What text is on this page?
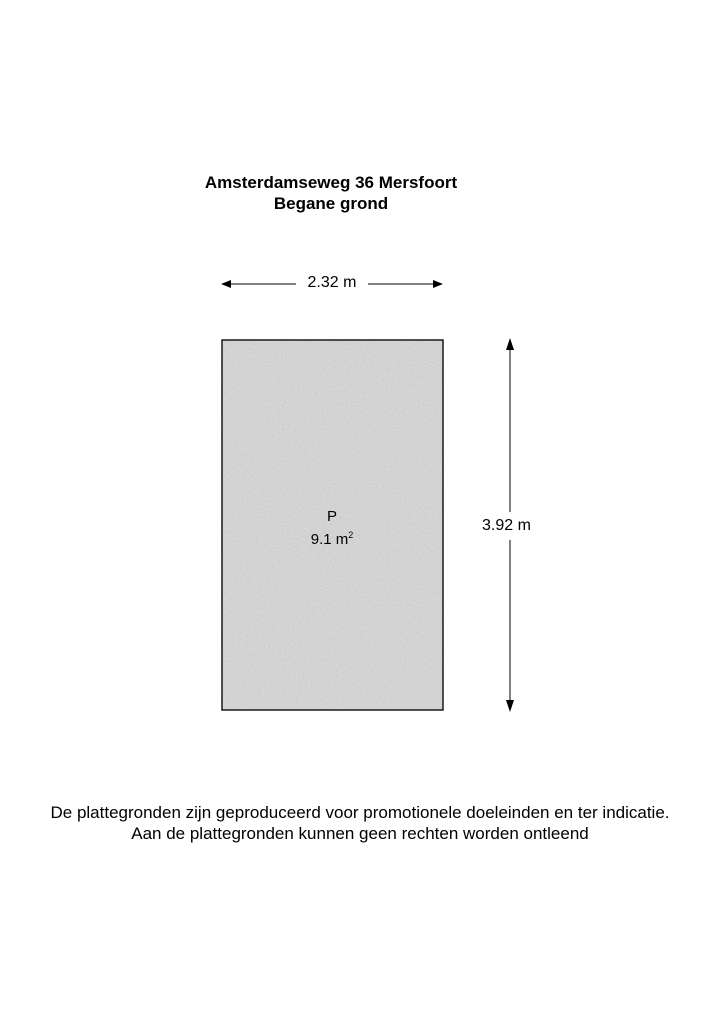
Amsterdamseweg 36 Mersfoort
Begane grond
2.32 m
3.92 m
P
9.1 $m^2$
De plattegronden zijn geproduceerd voor promotionele doeleinden en ter indicatie.
Aan de plattegronden kunnen geen rechten worden ontleend
